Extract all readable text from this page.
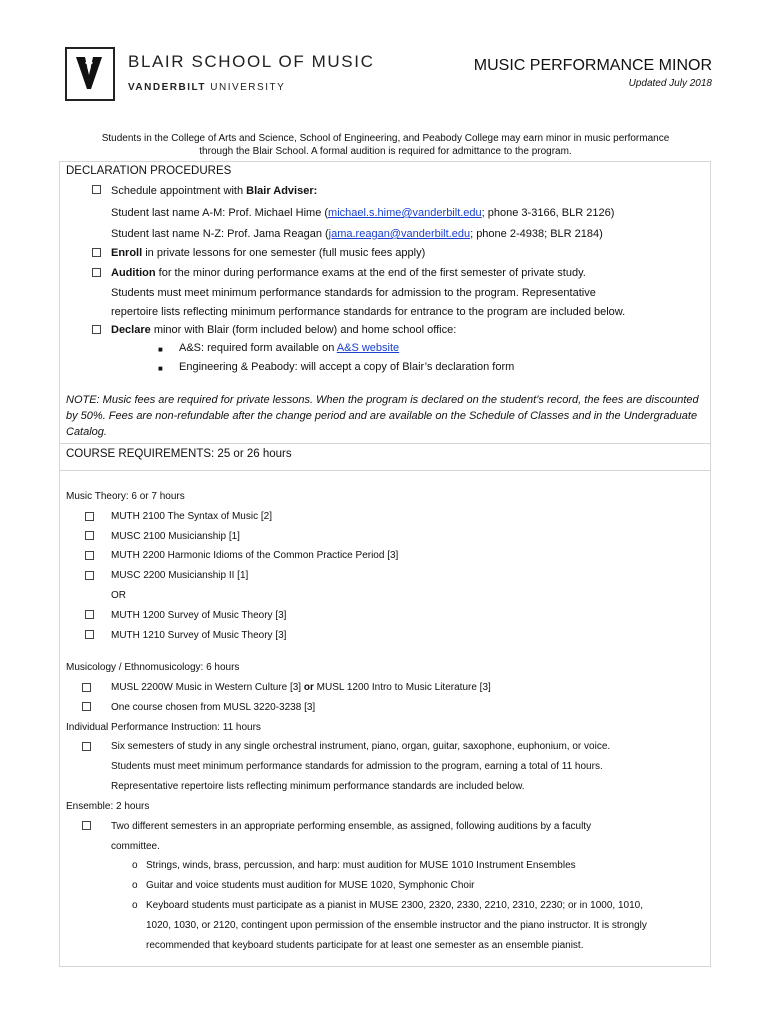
BLAIR SCHOOL OF MUSIC
VANDERBILT UNIVERSITY
MUSIC PERFORMANCE MINOR
Updated July 2018
Students in the College of Arts and Science, School of Engineering, and Peabody College may earn minor in music performance
through the Blair School. A formal audition is required for admittance to the program.
DECLARATION PROCEDURES
Schedule appointment with Blair Adviser:
Student last name A-M: Prof. Michael Hime (michael.s.hime@vanderbilt.edu; phone 3-3166, BLR 2126)
Student last name N-Z: Prof. Jama Reagan (jama.reagan@vanderbilt.edu; phone 2-4938; BLR 2184)
Enroll in private lessons for one semester (full music fees apply)
Audition for the minor during performance exams at the end of the first semester of private study.
Students must meet minimum performance standards for admission to the program. Representative
repertoire lists reflecting minimum performance standards for entrance to the program are included below.
Declare minor with Blair (form included below) and home school office:
■ A&S: required form available on A&S website
■ Engineering & Peabody: will accept a copy of Blair’s declaration form
NOTE: Music fees are required for private lessons. When the program is declared on the student’s record, the fees are discounted by 50%. Fees are non-refundable after the change period and are available on the Schedule of Classes and in the Undergraduate Catalog.
COURSE REQUIREMENTS: 25 or 26 hours
Music Theory: 6 or 7 hours
MUTH 2100 The Syntax of Music [2]
MUSC 2100 Musicianship [1]
MUTH 2200 Harmonic Idioms of the Common Practice Period [3]
MUSC 2200 Musicianship II [1]
OR
MUTH 1200 Survey of Music Theory [3]
MUTH 1210 Survey of Music Theory [3]
Musicology / Ethnomusicology: 6 hours
MUSL 2200W Music in Western Culture [3] or MUSL 1200 Intro to Music Literature [3]
One course chosen from MUSL 3220-3238 [3]
Individual Performance Instruction: 11 hours
Six semesters of study in any single orchestral instrument, piano, organ, guitar, saxophone, euphonium, or voice.
Students must meet minimum performance standards for admission to the program, earning a total of 11 hours.
Representative repertoire lists reflecting minimum performance standards are included below.
Ensemble: 2 hours
Two different semesters in an appropriate performing ensemble, as assigned, following auditions by a faculty
committee.
o Strings, winds, brass, percussion, and harp: must audition for MUSE 1010 Instrument Ensembles
o Guitar and voice students must audition for MUSE 1020, Symphonic Choir
o Keyboard students must participate as a pianist in MUSE 2300, 2320, 2330, 2210, 2310, 2230; or in 1000, 1010,
1020, 1030, or 2120, contingent upon permission of the ensemble instructor and the piano instructor. It is strongly
recommended that keyboard students participate for at least one semester as an ensemble pianist.
